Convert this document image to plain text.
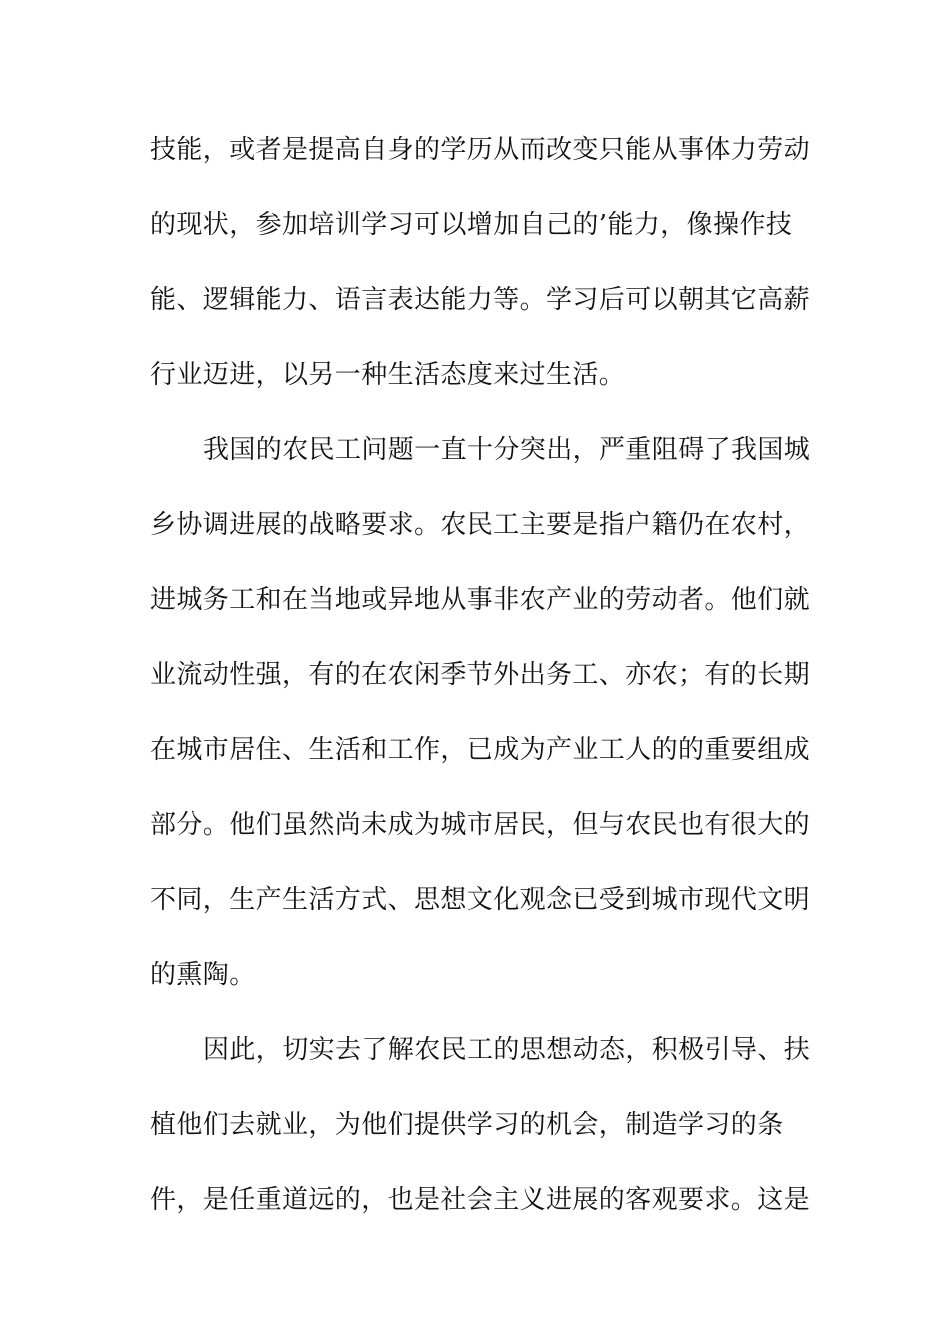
技能，或者是提高自身的学历从而改变只能从事体力劳动
的现状，参加培训学习可以增加自己的’能力，像操作技
能、逻辑能力、语言表达能力等。学习后可以朝其它高薪
行业迈进，以另一种生活态度来过生活。
我国的农民工问题一直十分突出，严重阻碍了我国城
乡协调进展的战略要求。农民工主要是指户籍仍在农村，
进城务工和在当地或异地从事非农产业的劳动者。他们就
业流动性强，有的在农闲季节外出务工、亦农；有的长期
在城市居住、生活和工作，已成为产业工人的的重要组成
部分。他们虽然尚未成为城市居民，但与农民也有很大的
不同，生产生活方式、思想文化观念已受到城市现代文明
的熏陶。
因此，切实去了解农民工的思想动态，积极引导、扶
植他们去就业，为他们提供学习的机会，制造学习的条
件，是任重道远的，也是社会主义进展的客观要求。这是
